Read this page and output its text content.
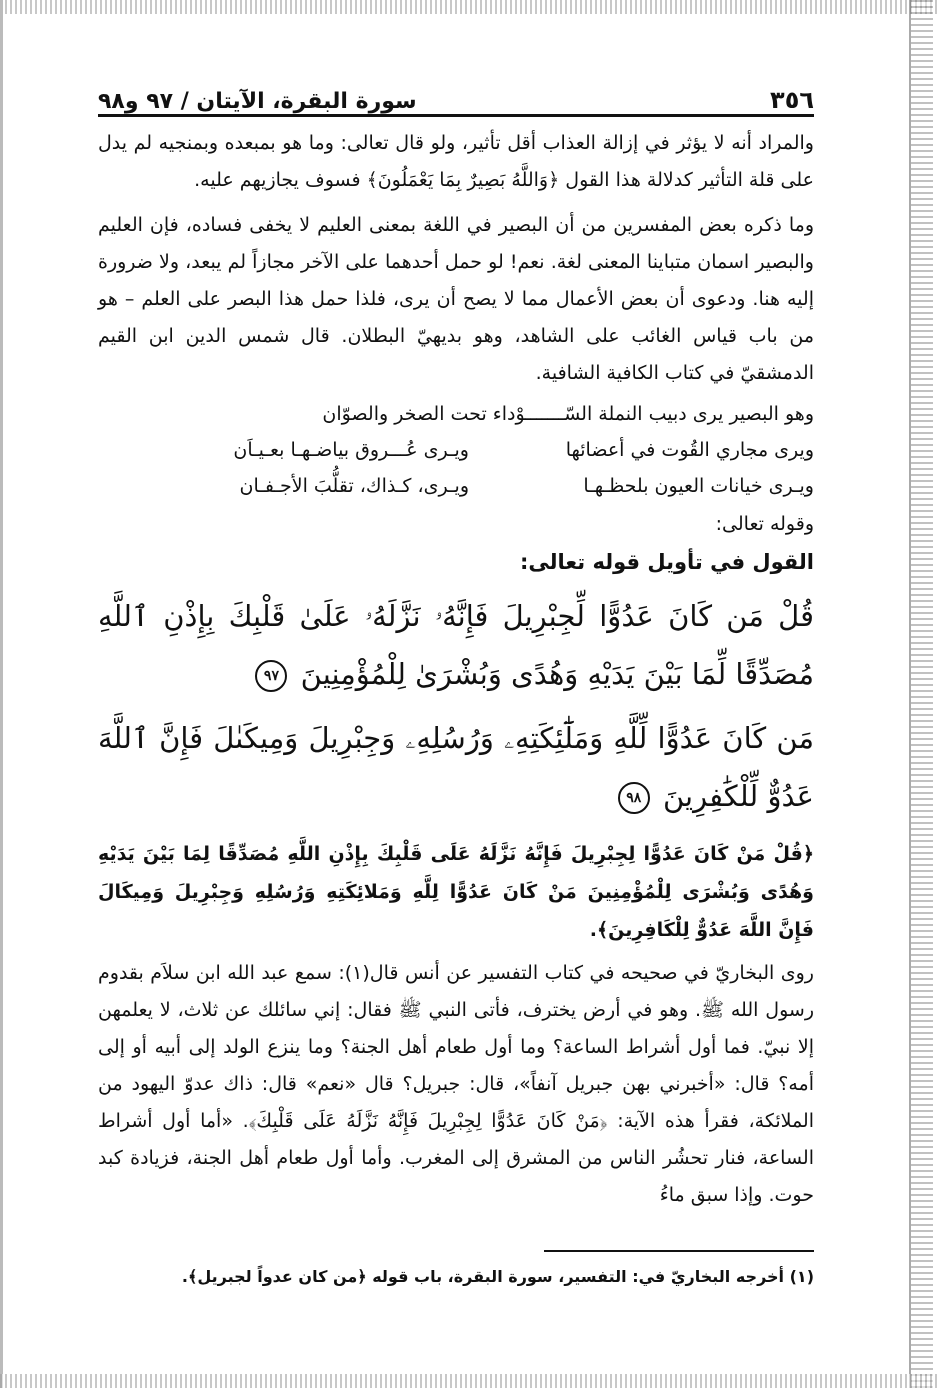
٣٥٦
سورة البقرة، الآيتان / ٩٧ و٩٨

والمراد أنه لا يؤثر في إزالة العذاب أقل تأثير، ولو قال تعالى: وما هو بمبعده وبمنجيه لم يدل على قلة التأثير كدلالة هذا القول ﴿وَاللَّهُ بَصِيرٌ بِمَا يَعْمَلُونَ﴾ فسوف يجازيهم عليه.

وما ذكره بعض المفسرين من أن البصير في اللغة بمعنى العليم لا يخفى فساده، فإن العليم والبصير اسمان متباينا المعنى لغة. نعم! لو حمل أحدهما على الآخر مجازاً لم يبعد، ولا ضرورة إليه هنا. ودعوى أن بعض الأعمال مما لا يصح أن يرى، فلذا حمل هذا البصر على العلم – هو من باب قياس الغائب على الشاهد، وهو بديهيّ البطلان. قال شمس الدين ابن القيم الدمشقيّ في كتاب الكافية الشافية.

وهو البصير يرى دبيب النملة السّـــــــوْداء تحت الصخر والصوّان
ويرى مجاري القُوت في أعضائها
ويـرى عُـــروق بياضـهـا بعـيـاَن
ويـرى خيانات العيون بلحظـهـا
ويـرى، كـذاك، تقلُّبَ الأجـفـان

وقوله تعالى:

القول في تأويل قوله تعالى:

قُلْ مَن كَانَ عَدُوًّا لِّجِبْرِيلَ فَإِنَّهُۥ نَزَّلَهُۥ عَلَىٰ قَلْبِكَ بِإِذْنِ ٱللَّهِ مُصَدِّقًا لِّمَا بَيْنَ يَدَيْهِ وَهُدًى وَبُشْرَىٰ لِلْمُؤْمِنِينَ ٩٧

مَن كَانَ عَدُوًّا لِّلَّهِ وَمَلَٰٓئِكَتِهِۦ وَرُسُلِهِۦ وَجِبْرِيلَ وَمِيكَىٰلَ فَإِنَّ ٱللَّهَ عَدُوٌّ لِّلْكَٰفِرِينَ ٩٨

﴿قُلْ مَنْ كَانَ عَدُوًّا لِجِبْرِيلَ فَإِنَّهُ نَزَّلَهُ عَلَى قَلْبِكَ بِإِذْنِ اللَّهِ مُصَدِّقًا لِمَا بَيْنَ يَدَيْهِ وَهُدًى وَبُشْرَى لِلْمُؤْمِنِينَ مَنْ كَانَ عَدُوًّا لِلَّهِ وَمَلائِكَتِهِ وَرُسُلِهِ وَجِبْرِيلَ وَمِيكَالَ فَإِنَّ اللَّهَ عَدُوٌّ لِلْكَافِرِينَ﴾.

روى البخاريّ في صحيحه في كتاب التفسير عن أنس قال(١): سمع عبد الله ابن سلاَم بقدوم رسول الله ﷺ. وهو في أرض يخترف، فأتى النبي ﷺ فقال: إني سائلك عن ثلاث، لا يعلمهن إلا نبيّ. فما أول أشراط الساعة؟ وما أول طعام أهل الجنة؟ وما ينزع الولد إلى أبيه أو إلى أمه؟ قال: «أخبرني بهن جبريل آنفاً»، قال: جبريل؟ قال «نعم» قال: ذاك عدوّ اليهود من الملائكة، فقرأ هذه الآية: ﴿مَنْ كَانَ عَدُوًّا لِجِبْرِيلَ فَإِنَّهُ نَزَّلَهُ عَلَى قَلْبِكَ﴾. «أما أول أشراط الساعة، فنار تحشُر الناس من المشرق إلى المغرب. وأما أول طعام أهل الجنة، فزيادة كبد حوت. وإذا سبق ماءُ

(١) أخرجه البخاريّ في: التفسير، سورة البقرة، باب قوله ﴿من كان عدواً لجبريل﴾.
